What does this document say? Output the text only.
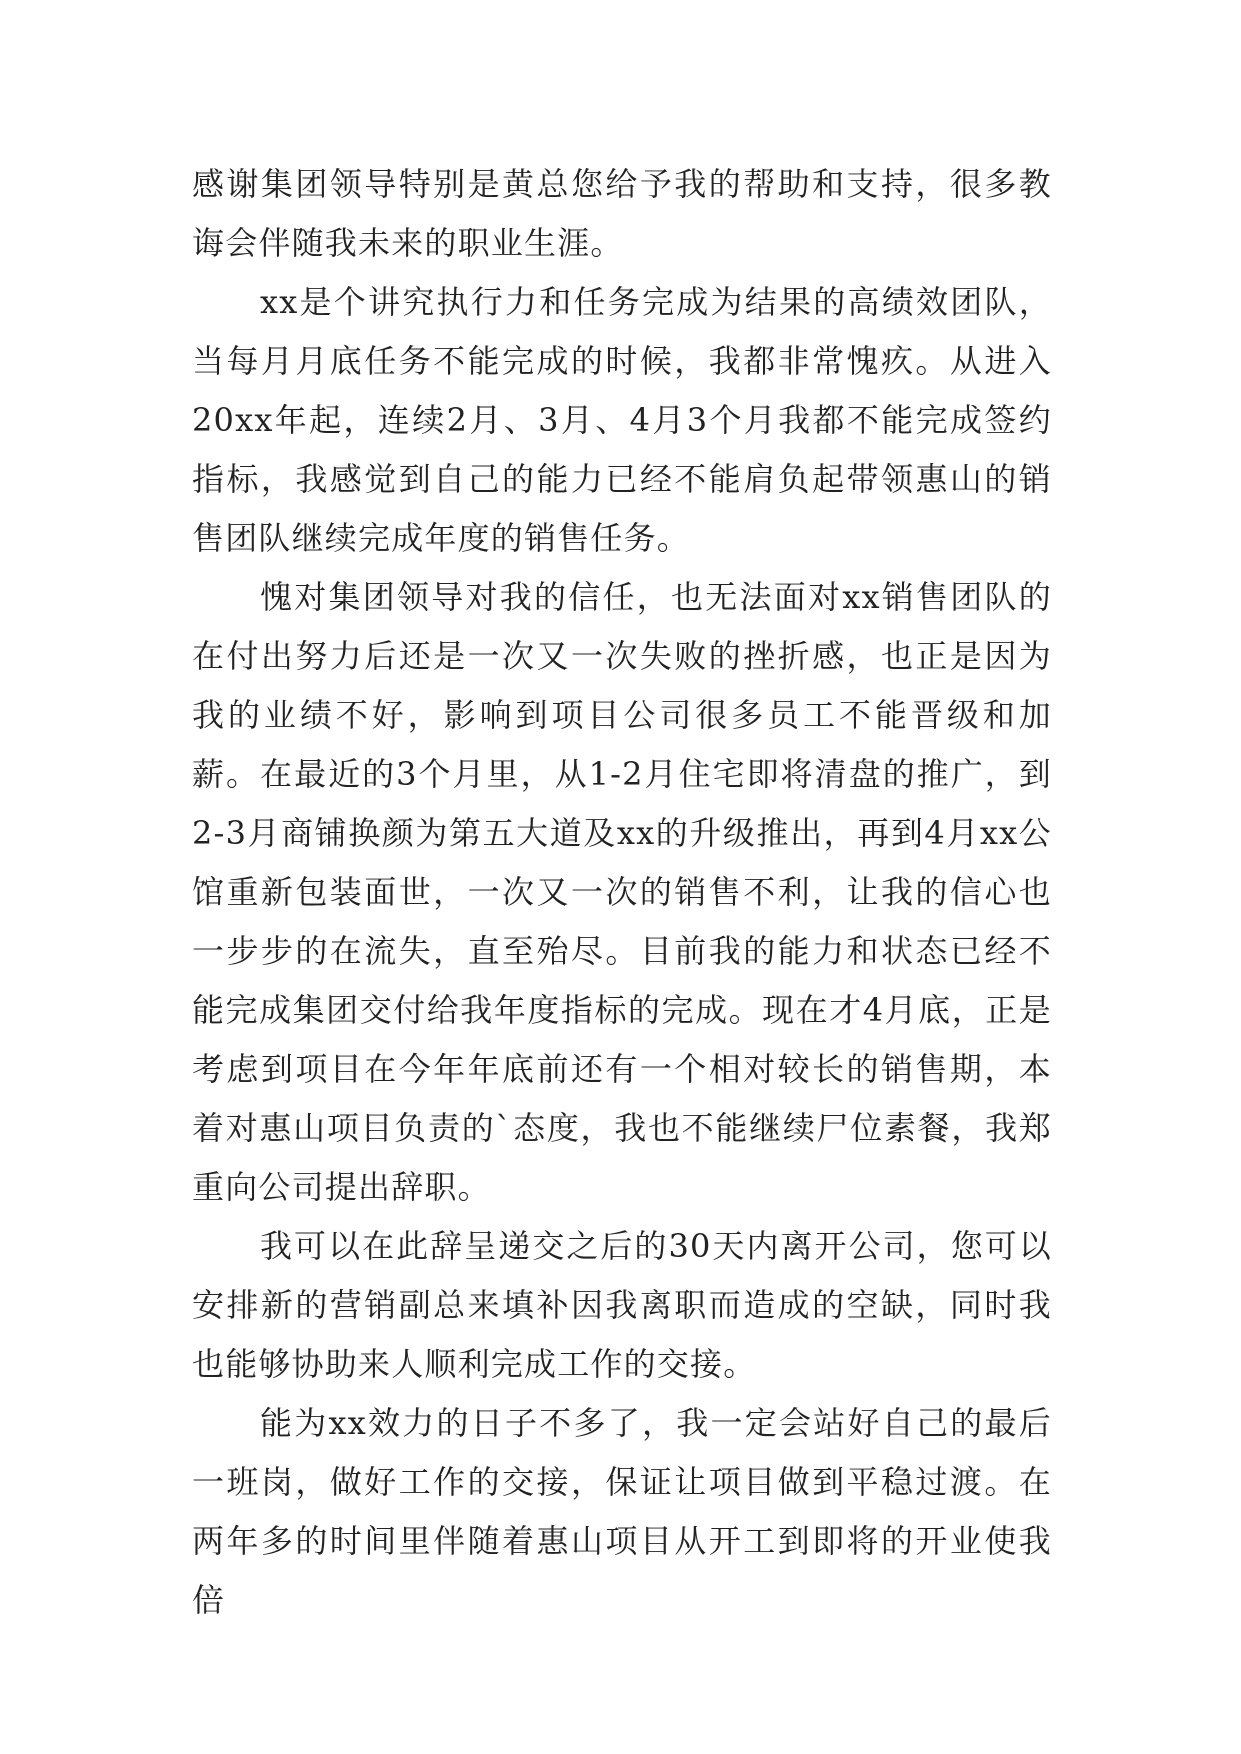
感谢集团领导特别是黄总您给予我的帮助和支持，很多教诲会伴随我未来的职业生涯。

xx是个讲究执行力和任务完成为结果的高绩效团队，当每月月底任务不能完成的时候，我都非常愧疚。从进入20xx年起，连续2月、3月、4月3个月我都不能完成签约指标，我感觉到自己的能力已经不能肩负起带领惠山的销售团队继续完成年度的销售任务。

愧对集团领导对我的信任，也无法面对xx销售团队的在付出努力后还是一次又一次失败的挫折感，也正是因为我的业绩不好，影响到项目公司很多员工不能晋级和加薪。在最近的3个月里，从1-2月住宅即将清盘的推广，到2-3月商铺换颜为第五大道及xx的升级推出，再到4月xx公馆重新包装面世，一次又一次的销售不利，让我的信心也一步步的在流失，直至殆尽。目前我的能力和状态已经不能完成集团交付给我年度指标的完成。现在才4月底，正是考虑到项目在今年年底前还有一个相对较长的销售期，本着对惠山项目负责的`态度，我也不能继续尸位素餐，我郑重向公司提出辞职。

我可以在此辞呈递交之后的30天内离开公司，您可以安排新的营销副总来填补因我离职而造成的空缺，同时我也能够协助来人顺利完成工作的交接。

能为xx效力的日子不多了，我一定会站好自己的最后一班岗，做好工作的交接，保证让项目做到平稳过渡。在两年多的时间里伴随着惠山项目从开工到即将的开业使我倍
